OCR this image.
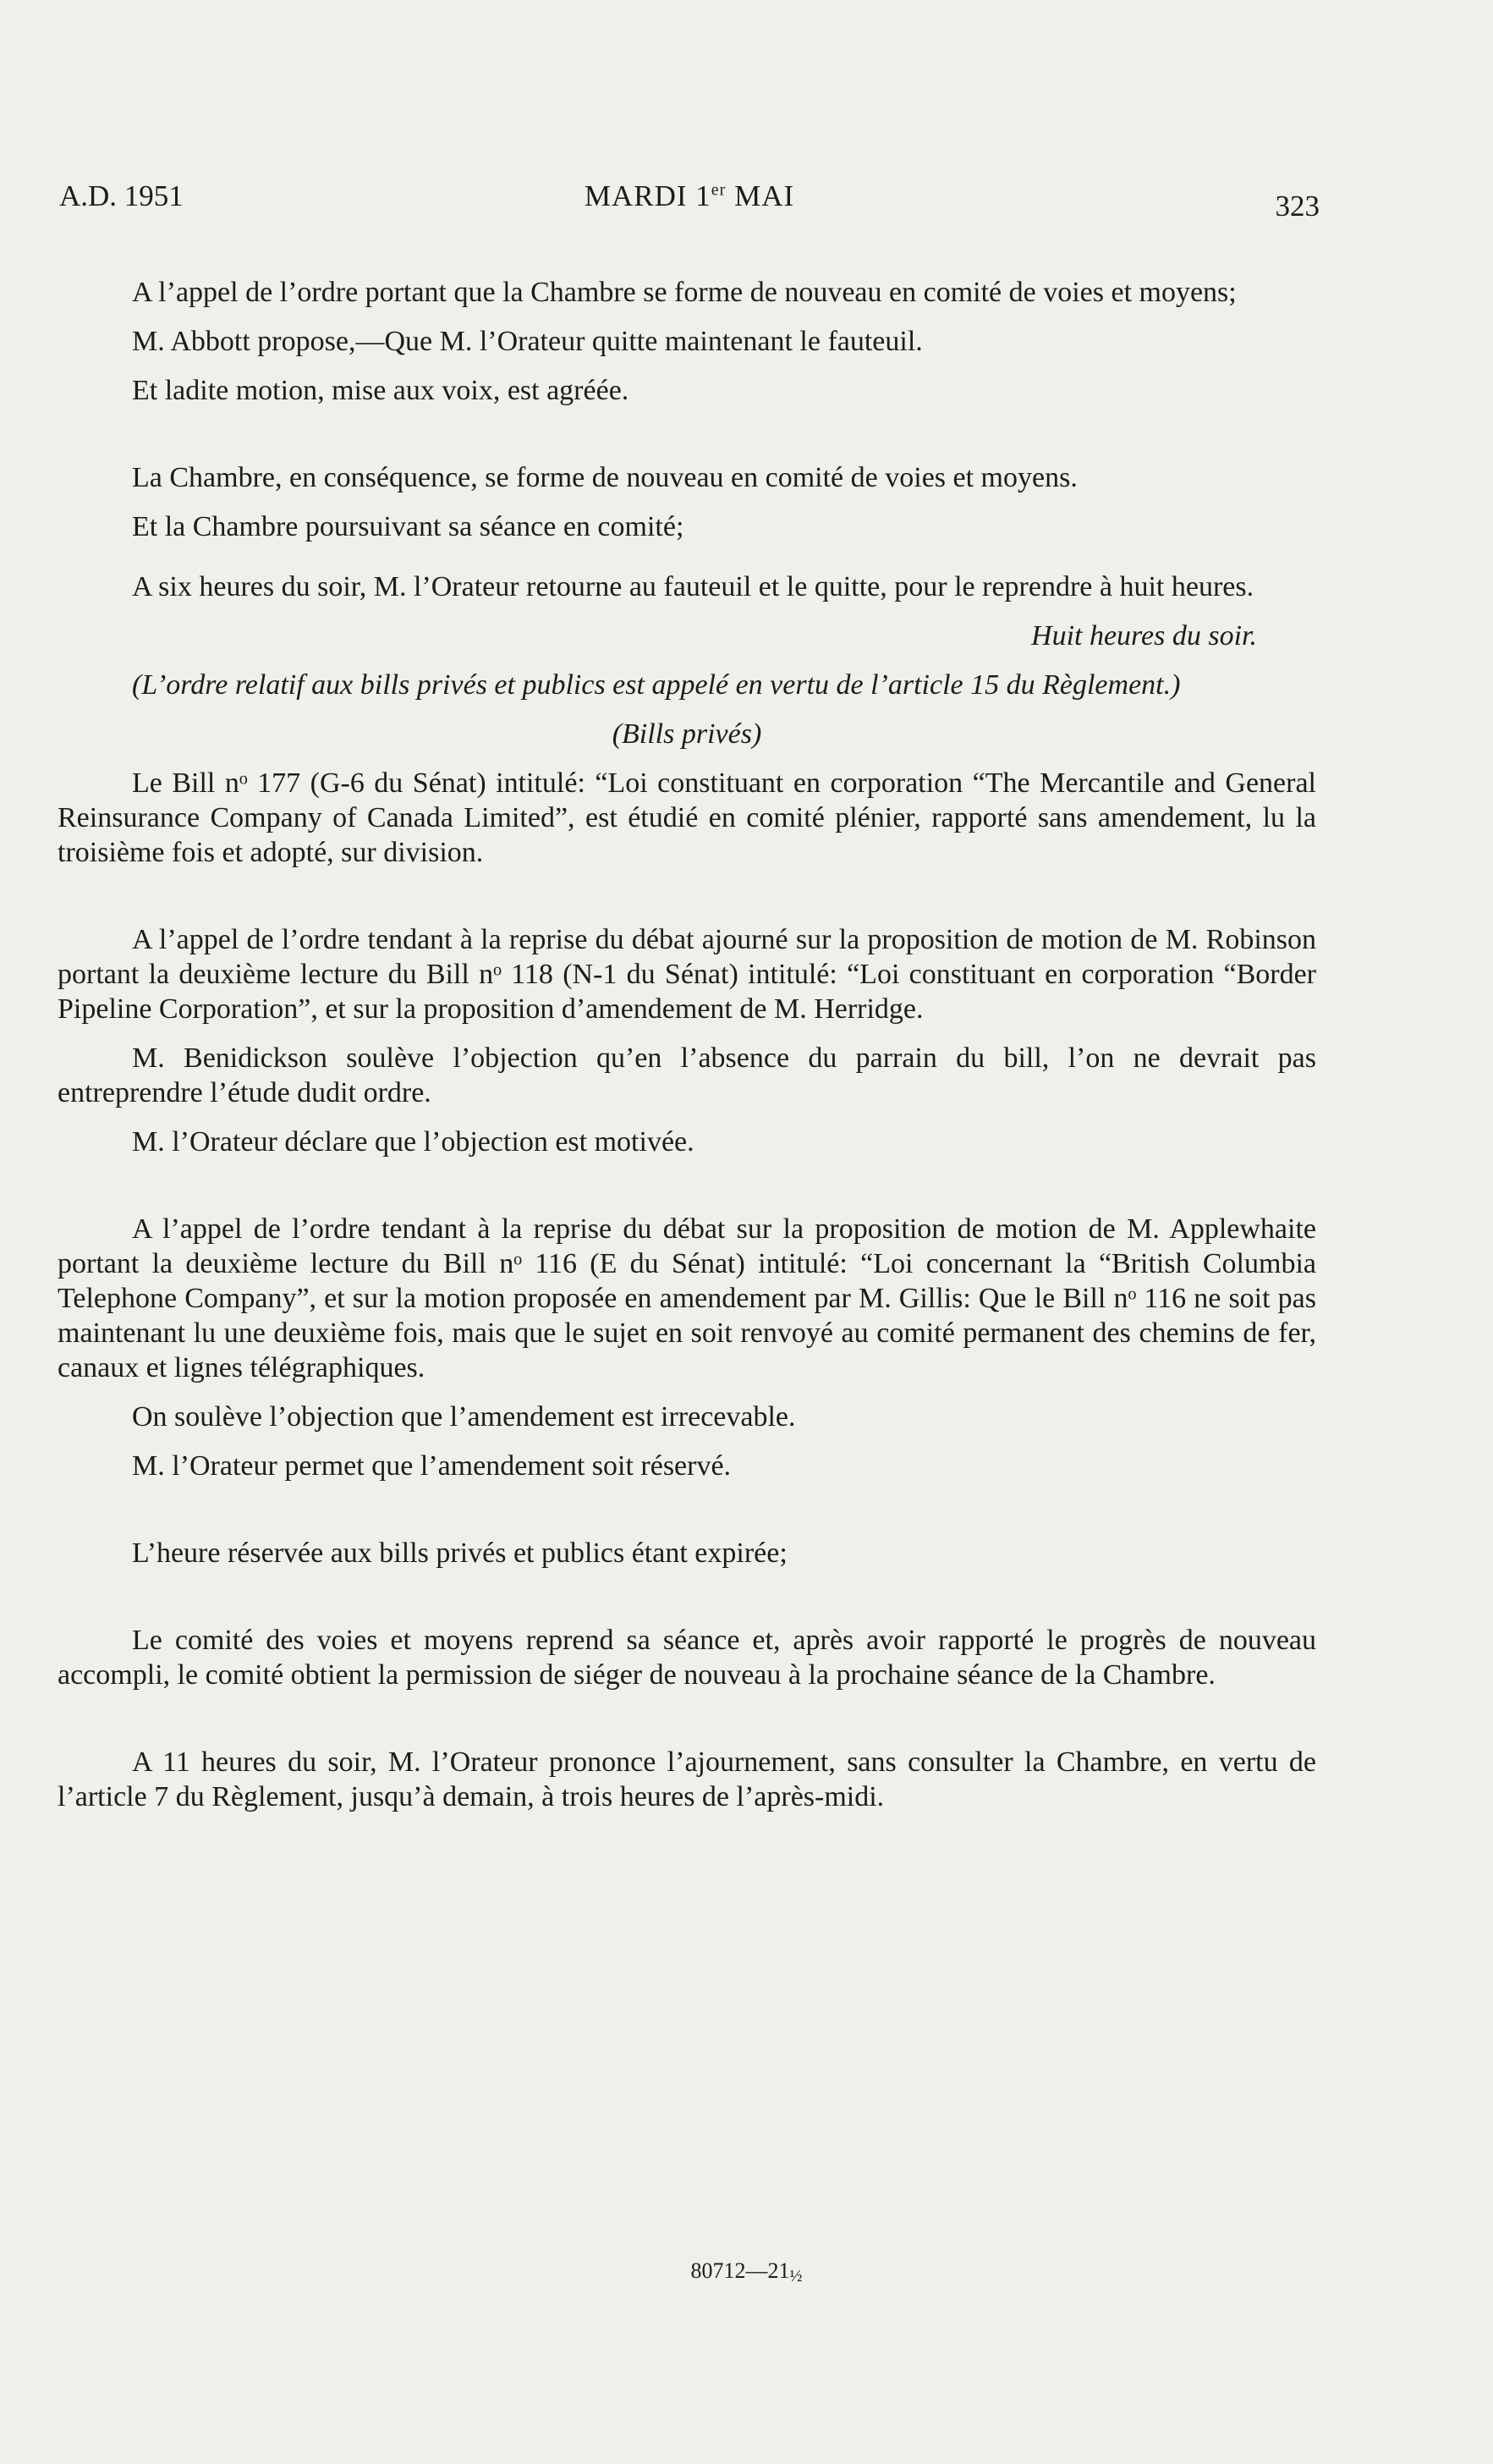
A.D. 1951	MARDI 1er MAI	323

A l’appel de l’ordre portant que la Chambre se forme de nouveau en comité de voies et moyens;

M. Abbott propose,—Que M. l’Orateur quitte maintenant le fauteuil.

Et ladite motion, mise aux voix, est agréée.

La Chambre, en conséquence, se forme de nouveau en comité de voies et moyens.

Et la Chambre poursuivant sa séance en comité;

A six heures du soir, M. l’Orateur retourne au fauteuil et le quitte, pour le reprendre à huit heures.

Huit heures du soir.

(L’ordre relatif aux bills privés et publics est appelé en vertu de l’article 15 du Règlement.)

(Bills privés)

Le Bill nᵒ 177 (G-6 du Sénat) intitulé: “Loi constituant en corporation “The Mercantile and General Reinsurance Company of Canada Limited”, est étudié en comité plénier, rapporté sans amendement, lu la troisième fois et adopté, sur division.

A l’appel de l’ordre tendant à la reprise du débat ajourné sur la proposition de motion de M. Robinson portant la deuxième lecture du Bill nᵒ 118 (N-1 du Sénat) intitulé: “Loi constituant en corporation “Border Pipeline Corporation”, et sur la proposition d’amendement de M. Herridge.

M. Benidickson soulève l’objection qu’en l’absence du parrain du bill, l’on ne devrait pas entreprendre l’étude dudit ordre.

M. l’Orateur déclare que l’objection est motivée.

A l’appel de l’ordre tendant à la reprise du débat sur la proposition de motion de M. Applewhaite portant la deuxième lecture du Bill nᵒ 116 (E du Sénat) intitulé: “Loi concernant la “British Columbia Telephone Company”, et sur la motion proposée en amendement par M. Gillis: Que le Bill nᵒ 116 ne soit pas maintenant lu une deuxième fois, mais que le sujet en soit renvoyé au comité permanent des chemins de fer, canaux et lignes télégraphiques.

On soulève l’objection que l’amendement est irrecevable.

M. l’Orateur permet que l’amendement soit réservé.

L’heure réservée aux bills privés et publics étant expirée;

Le comité des voies et moyens reprend sa séance et, après avoir rapporté le progrès de nouveau accompli, le comité obtient la permission de siéger de nouveau à la prochaine séance de la Chambre.

A 11 heures du soir, M. l’Orateur prononce l’ajournement, sans consulter la Chambre, en vertu de l’article 7 du Règlement, jusqu’à demain, à trois heures de l’après-midi.

80712—21½
